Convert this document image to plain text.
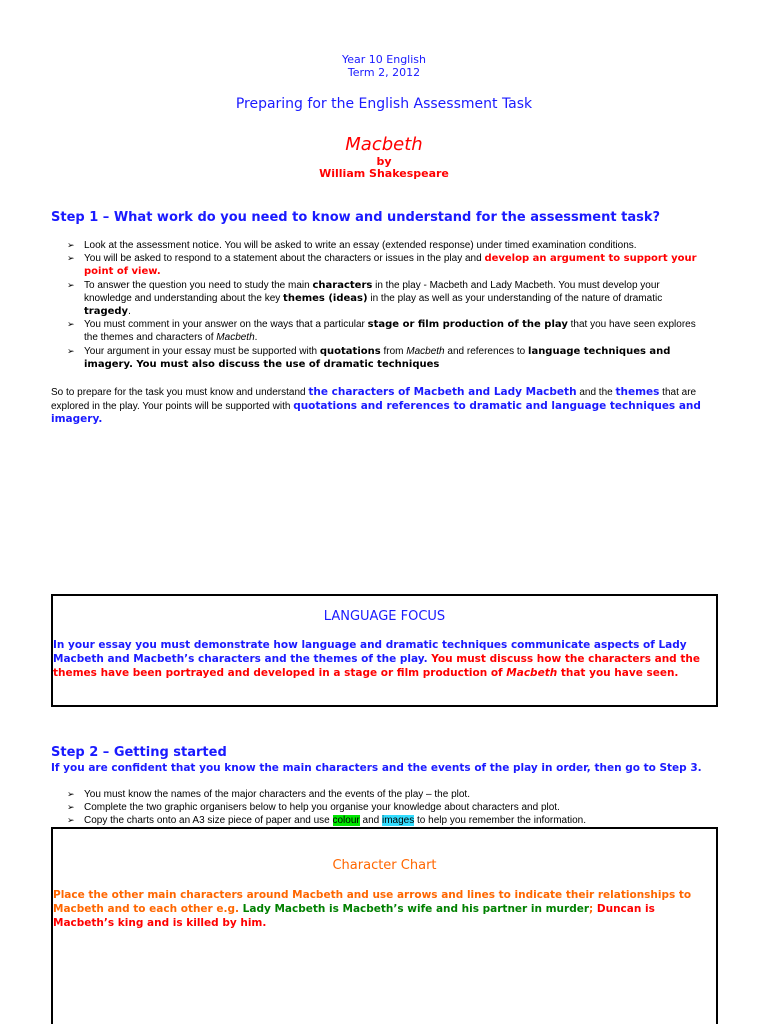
Year 10 English
Term 2, 2012
Preparing for the English Assessment Task
Macbeth
by
William Shakespeare
Step 1 – What work do you need to know and understand for the assessment task?
➢ Look at the assessment notice. You will be asked to write an essay (extended response) under timed examination conditions.
➢ You will be asked to respond to a statement about the characters or issues in the play and develop an argument to support your point of view.
➢ To answer the question you need to study the main characters in the play - Macbeth and Lady Macbeth. You must develop your knowledge and understanding about the key themes (ideas) in the play as well as your understanding of the nature of dramatic tragedy.
➢ You must comment in your answer on the ways that a particular stage or film production of the play that you have seen explores the themes and characters of Macbeth.
➢ Your argument in your essay must be supported with quotations from Macbeth and references to language techniques and imagery. You must also discuss the use of dramatic techniques
So to prepare for the task you must know and understand the characters of Macbeth and Lady Macbeth and the themes that are explored in the play. Your points will be supported with quotations and references to dramatic and language techniques and imagery.
LANGUAGE FOCUS
In your essay you must demonstrate how language and dramatic techniques communicate aspects of Lady Macbeth and Macbeth’s characters and the themes of the play. You must discuss how the characters and the themes have been portrayed and developed in a stage or film production of Macbeth that you have seen.
Step 2 – Getting started
If you are confident that you know the main characters and the events of the play in order, then go to Step 3.
➢ You must know the names of the major characters and the events of the play – the plot.
➢ Complete the two graphic organisers below to help you organise your knowledge about characters and plot.
➢ Copy the charts onto an A3 size piece of paper and use colour and images to help you remember the information.
Character Chart
Place the other main characters around Macbeth and use arrows and lines to indicate their relationships to Macbeth and to each other e.g. Lady Macbeth is Macbeth’s wife and his partner in murder; Duncan is Macbeth’s king and is killed by him.
